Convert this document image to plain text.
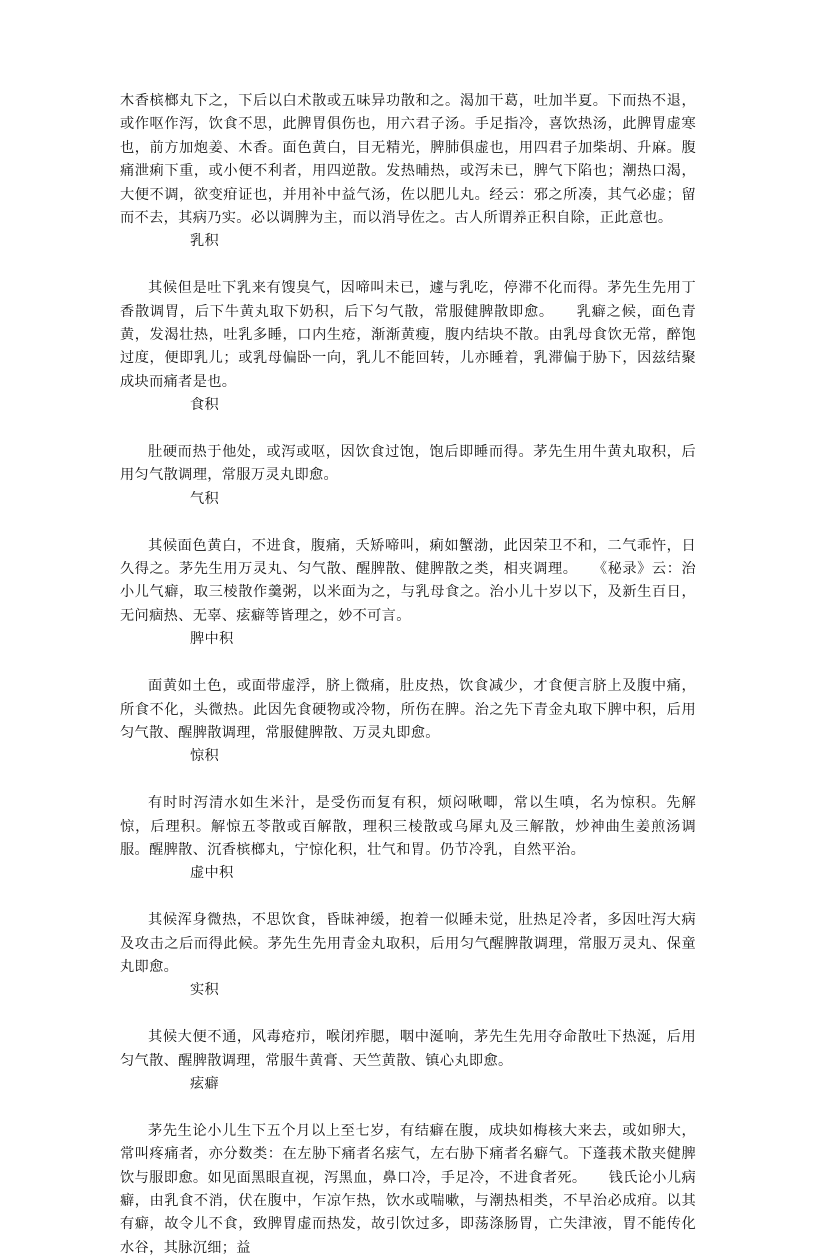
木香槟榔丸下之，下后以白术散或五味异功散和之。渴加干葛，吐加半夏。下而热不退，或作呕作泻，饮食不思，此脾胃俱伤也，用六君子汤。手足指冷，喜饮热汤，此脾胃虚寒也，前方加炮姜、木香。面色黄白，目无精光，脾肺俱虚也，用四君子加柴胡、升麻。腹痛泄痢下重，或小便不利者，用四逆散。发热晡热，或泻未已，脾气下陷也；潮热口渴，大便不调，欲变疳证也，并用补中益气汤，佐以肥儿丸。经云：邪之所凑，其气必虚；留而不去，其病乃实。必以调脾为主，而以消导佐之。古人所谓养正积自除，正此意也。

乳积

其候但是吐下乳来有馊臭气，因啼叫未已，遽与乳吃，停滞不化而得。茅先生先用丁香散调胃，后下牛黄丸取下奶积，后下匀气散，常服健脾散即愈。　　乳癖之候，面色青黄，发渴壮热，吐乳多睡，口内生疮，渐渐黄瘦，腹内结块不散。由乳母食饮无常，醉饱过度，便即乳儿；或乳母偏卧一向，乳儿不能回转，儿亦睡着，乳滞偏于胁下，因兹结聚成块而痛者是也。

食积

肚硬而热于他处，或泻或呕，因饮食过饱，饱后即睡而得。茅先生用牛黄丸取积，后用匀气散调理，常服万灵丸即愈。

气积

其候面色黄白，不进食，腹痛，夭矫啼叫，痢如蟹渤，此因荣卫不和，二气乖忤，日久得之。茅先生用万灵丸、匀气散、醒脾散、健脾散之类，相夹调理。　　《秘录》云：治小儿气癖，取三棱散作羹粥，以米面为之，与乳母食之。治小儿十岁以下，及新生百日，无问痼热、无辜、痃癖等皆理之，妙不可言。

脾中积

面黄如土色，或面带虚浮，脐上微痛，肚皮热，饮食减少，才食便言脐上及腹中痛，所食不化，头微热。此因先食硬物或冷物，所伤在脾。治之先下青金丸取下脾中积，后用匀气散、醒脾散调理，常服健脾散、万灵丸即愈。

惊积

有时时泻清水如生米汁，是受伤而复有积，烦闷啾唧，常以生嗔，名为惊积。先解惊，后理积。解惊五苓散或百解散，理积三棱散或乌犀丸及三解散，炒神曲生姜煎汤调服。醒脾散、沉香槟榔丸，宁惊化积，壮气和胃。仍节冷乳，自然平治。

虚中积

其候浑身微热，不思饮食，昏昧神缓，抱着一似睡未觉，肚热足冷者，多因吐泻大病及攻击之后而得此候。茅先生先用青金丸取积，后用匀气醒脾散调理，常服万灵丸、保童丸即愈。

实积

其候大便不通，风毒疮疖，喉闭痄腮，咽中涎响，茅先生先用夺命散吐下热涎，后用匀气散、醒脾散调理，常服牛黄膏、天竺黄散、镇心丸即愈。

痃癖

茅先生论小儿生下五个月以上至七岁，有结癖在腹，成块如梅核大来去，或如卵大，常叫疼痛者，亦分数类：在左胁下痛者名痃气，左右胁下痛者名癖气。下蓬莪术散夹健脾饮与服即愈。如见面黑眼直视，泻黑血，鼻口冷，手足冷，不进食者死。　　钱氏论小儿病癖，由乳食不消，伏在腹中，乍凉乍热，饮水或喘嗽，与潮热相类，不早治必成疳。以其有癖，故令儿不食，致脾胃虚而热发，故引饮过多，即荡涤肠胃，亡失津液，胃不能传化水谷，其脉沉细；益
